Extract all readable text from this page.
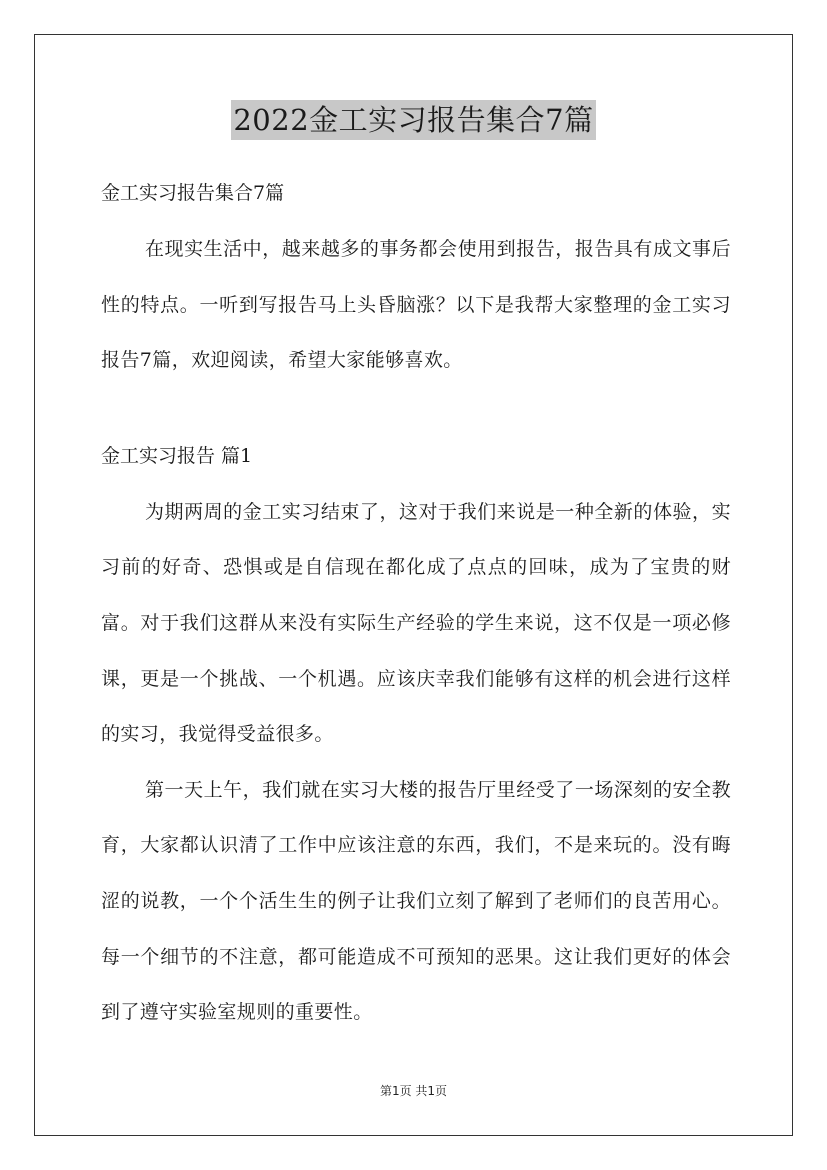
2022金工实习报告集合7篇

金工实习报告集合7篇

在现实生活中，越来越多的事务都会使用到报告，报告具有成文事后性的特点。一听到写报告马上头昏脑涨？以下是我帮大家整理的金工实习报告7篇，欢迎阅读，希望大家能够喜欢。

金工实习报告 篇1

为期两周的金工实习结束了，这对于我们来说是一种全新的体验，实习前的好奇、恐惧或是自信现在都化成了点点的回味，成为了宝贵的财富。对于我们这群从来没有实际生产经验的学生来说，这不仅是一项必修课，更是一个挑战、一个机遇。应该庆幸我们能够有这样的机会进行这样的实习，我觉得受益很多。

第一天上午，我们就在实习大楼的报告厅里经受了一场深刻的安全教育，大家都认识清了工作中应该注意的东西，我们，不是来玩的。没有晦涩的说教，一个个活生生的例子让我们立刻了解到了老师们的良苦用心。每一个细节的不注意，都可能造成不可预知的恶果。这让我们更好的体会到了遵守实验室规则的重要性。

第1页 共1页
